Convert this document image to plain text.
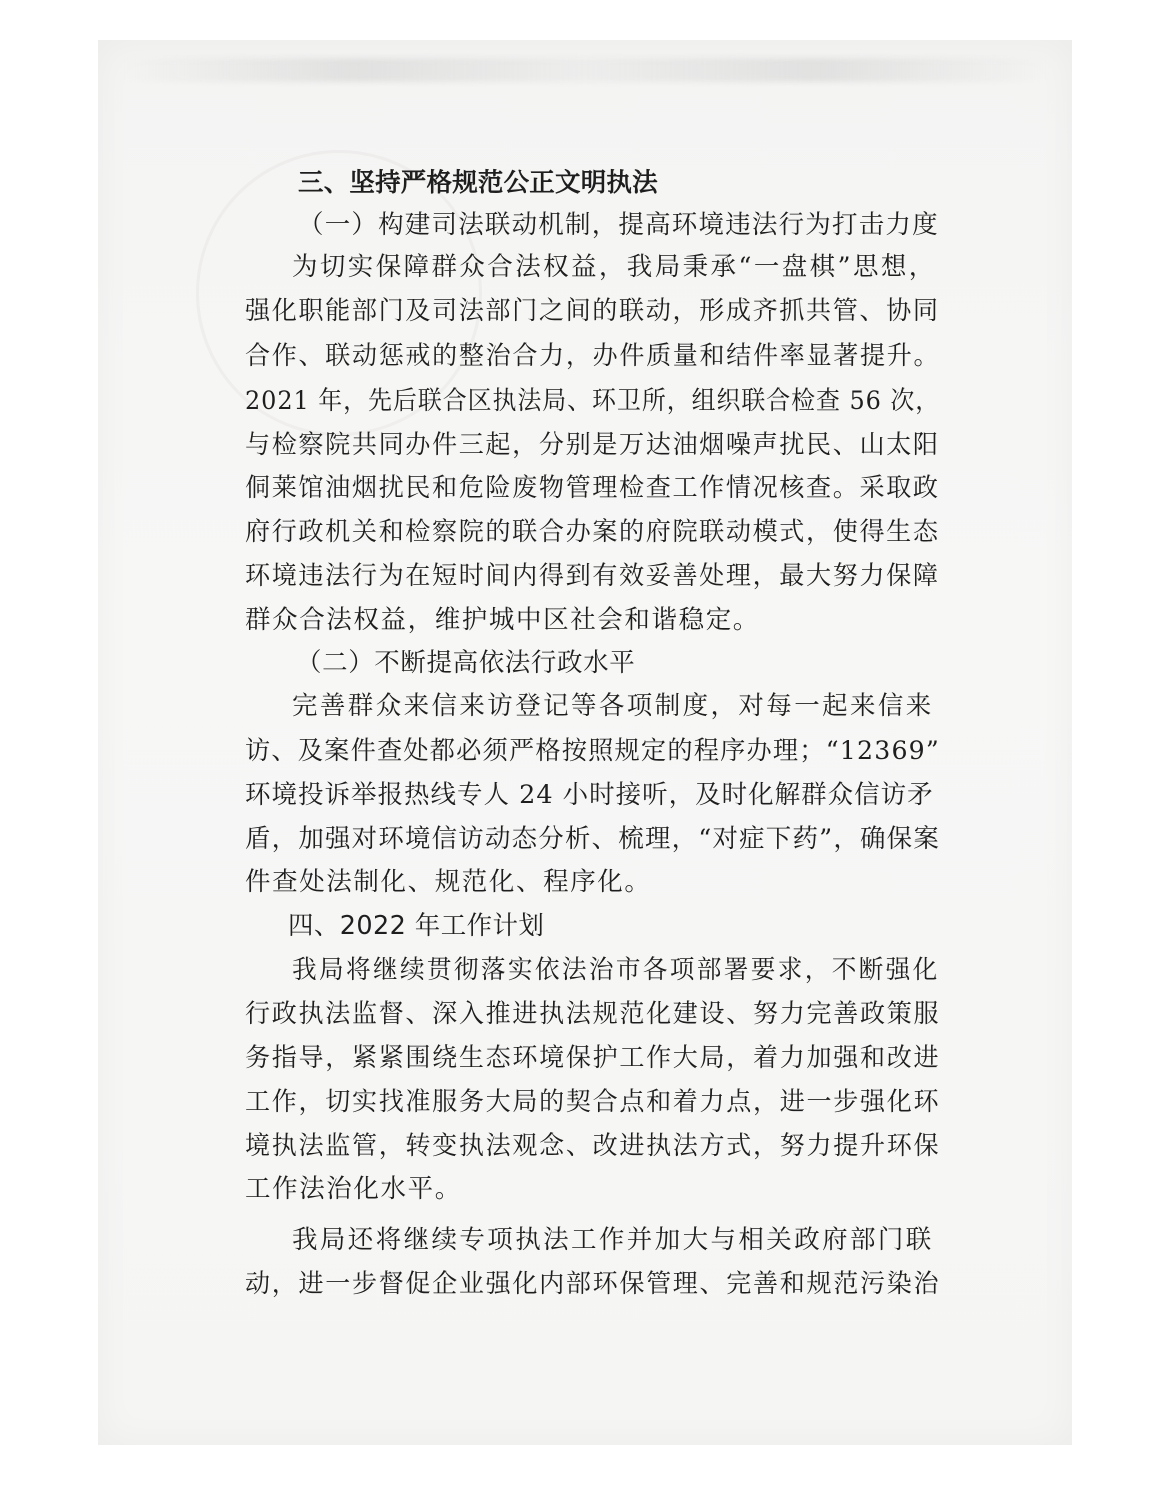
三、坚持严格规范公正文明执法
（一）构建司法联动机制，提高环境违法行为打击力度
为切实保障群众合法权益，我局秉承“一盘棋”思想，
强化职能部门及司法部门之间的联动，形成齐抓共管、协同
合作、联动惩戒的整治合力，办件质量和结件率显著提升。
2021 年，先后联合区执法局、环卫所，组织联合检查 56 次，
与检察院共同办件三起，分别是万达油烟噪声扰民、山太阳
侗莱馆油烟扰民和危险废物管理检查工作情况核查。采取政
府行政机关和检察院的联合办案的府院联动模式，使得生态
环境违法行为在短时间内得到有效妥善处理，最大努力保障
群众合法权益，维护城中区社会和谐稳定。
（二）不断提高依法行政水平
完善群众来信来访登记等各项制度，对每一起来信来
访、及案件查处都必须严格按照规定的程序办理；“12369”
环境投诉举报热线专人 24 小时接听，及时化解群众信访矛
盾，加强对环境信访动态分析、梳理，“对症下药”，确保案
件查处法制化、规范化、程序化。
四、2022 年工作计划
我局将继续贯彻落实依法治市各项部署要求，不断强化
行政执法监督、深入推进执法规范化建设、努力完善政策服
务指导，紧紧围绕生态环境保护工作大局，着力加强和改进
工作，切实找准服务大局的契合点和着力点，进一步强化环
境执法监管，转变执法观念、改进执法方式，努力提升环保
工作法治化水平。
我局还将继续专项执法工作并加大与相关政府部门联
动，进一步督促企业强化内部环保管理、完善和规范污染治
